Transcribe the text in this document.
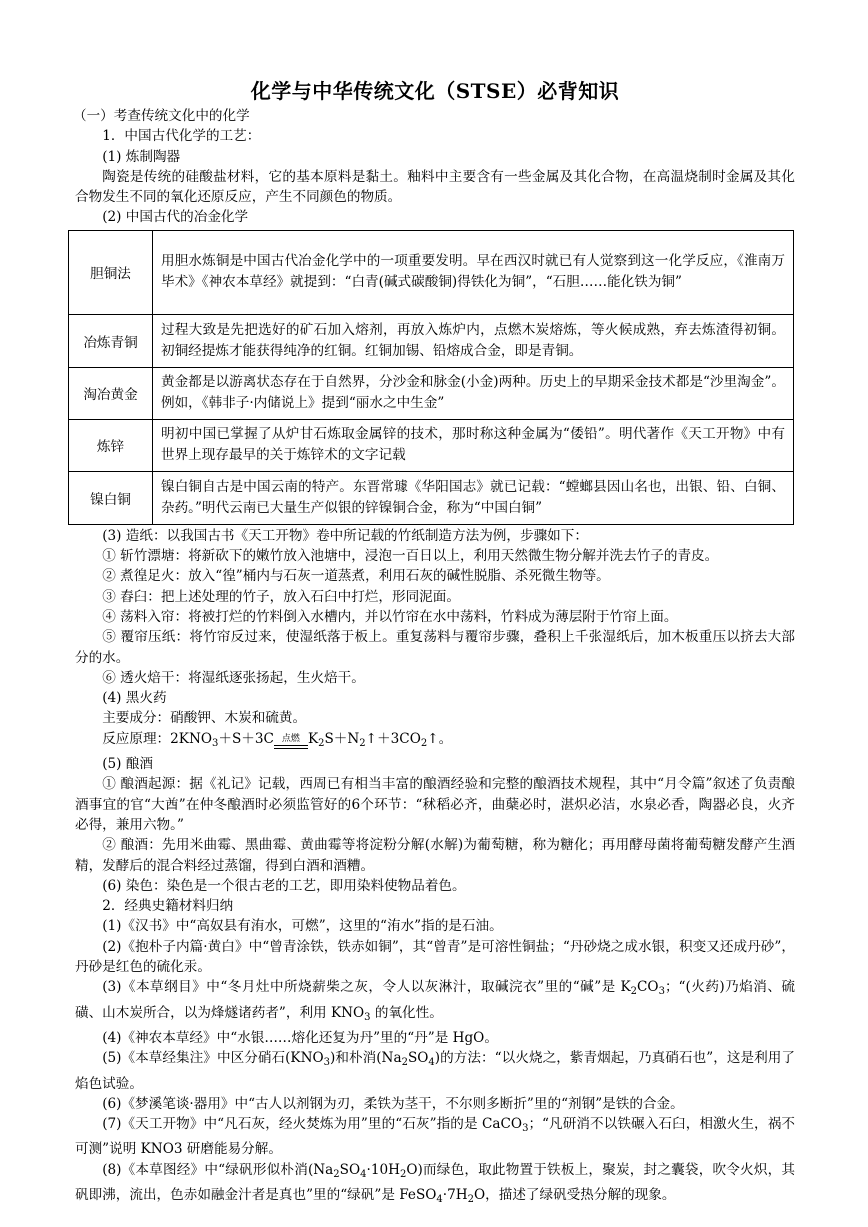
化学与中华传统文化（STSE）必背知识
（一）考查传统文化中的化学
1．中国古代化学的工艺：
(1) 炼制陶器
陶瓷是传统的硅酸盐材料，它的基本原料是黏土。釉料中主要含有一些金属及其化合物，在高温烧制时金属及其化合物发生不同的氧化还原反应，产生不同颜色的物质。
(2) 中国古代的冶金化学
胆铜法	用胆水炼铜是中国古代冶金化学中的一项重要发明。早在西汉时就已有人觉察到这一化学反应，《淮南万毕术》《神农本草经》就提到：“白青(碱式碳酸铜)得铁化为铜”，“石胆……能化铁为铜”
冶炼青铜	过程大致是先把选好的矿石加入熔剂，再放入炼炉内，点燃木炭熔炼，等火候成熟，弃去炼渣得初铜。初铜经提炼才能获得纯净的红铜。红铜加锡、铅熔成合金，即是青铜。
淘冶黄金	黄金都是以游离状态存在于自然界，分沙金和脉金(小金)两种。历史上的早期采金技术都是“沙里淘金”。例如，《韩非子·内储说上》提到“丽水之中生金”
炼锌	明初中国已掌握了从炉甘石炼取金属锌的技术，那时称这种金属为“倭铅”。明代著作《天工开物》中有世界上现存最早的关于炼锌术的文字记载
镍白铜	镍白铜自古是中国云南的特产。东晋常璩《华阳国志》就已记载：“螳螂县因山名也，出银、铅、白铜、杂药。”明代云南已大量生产似银的锌镍铜合金，称为“中国白铜”
(3) 造纸：以我国古书《天工开物》卷中所记载的竹纸制造方法为例，步骤如下：
① 斩竹漂塘：将新砍下的嫩竹放入池塘中，浸泡一百日以上，利用天然微生物分解并洗去竹子的青皮。
② 煮徨足火：放入“徨”桶内与石灰一道蒸煮，利用石灰的碱性脱脂、杀死微生物等。
③ 舂臼：把上述处理的竹子，放入石臼中打烂，形同泥面。
④ 荡料入帘：将被打烂的竹料倒入水槽内，并以竹帘在水中荡料，竹料成为薄层附于竹帘上面。
⑤ 覆帘压纸：将竹帘反过来，使湿纸落于板上。重复荡料与覆帘步骤，叠积上千张湿纸后，加木板重压以挤去大部分的水。
⑥ 透火焙干：将湿纸逐张扬起，生火焙干。
(4) 黑火药
主要成分：硝酸钾、木炭和硫黄。
反应原理：$2KNO_3+S+3C$ 点燃 $K_2S+N_2↑+3CO_2↑$。
(5) 酿酒
① 酿酒起源：据《礼记》记载，西周已有相当丰富的酿酒经验和完整的酿酒技术规程，其中“月令篇”叙述了负责酿酒事宜的官“大酋”在仲冬酿酒时必须监管好的6个环节：“秫稻必齐，曲蘖必时，湛炽必洁，水泉必香，陶器必良，火齐必得，兼用六物。”
② 酿酒：先用米曲霉、黑曲霉、黄曲霉等将淀粉分解(水解)为葡萄糖，称为糖化；再用酵母菌将葡萄糖发酵产生酒精，发酵后的混合料经过蒸馏，得到白酒和酒糟。
(6) 染色：染色是一个很古老的工艺，即用染料使物品着色。
2．经典史籍材料归纳
(1)《汉书》中“高奴县有洧水，可燃”，这里的“洧水”指的是石油。
(2)《抱朴子内篇·黄白》中“曾青涂铁，铁赤如铜”，其“曾青”是可溶性铜盐；“丹砂烧之成水银，积变又还成丹砂”，丹砂是红色的硫化汞。
(3)《本草纲目》中“冬月灶中所烧薪柴之灰，令人以灰淋汁，取碱浣衣”里的“碱”是 $K_2CO_3$；“(火药)乃焰消、硫磺、山木炭所合，以为烽燧诸药者”，利用 $KNO_3$ 的氧化性。
(4)《神农本草经》中“水银……熔化还复为丹”里的“丹”是 HgO。
(5)《本草经集注》中区分硝石$(KNO_3)$和朴消$(Na_2SO_4)$的方法：“以火烧之，紫青烟起，乃真硝石也”，这是利用了焰色试验。
(6)《梦溪笔谈·器用》中“古人以剂钢为刃，柔铁为茎干，不尔则多断折”里的“剂钢”是铁的合金。
(7)《天工开物》中“凡石灰，经火焚炼为用”里的“石灰”指的是 CaCO$_3$；“凡研消不以铁碾入石臼，相激火生，祸不可测”说明 KNO3 研磨能易分解。
(8)《本草图经》中“绿矾形似朴消$(Na_2SO_4\cdot 10H_2O)$而绿色，取此物置于铁板上，聚炭，封之囊袋，吹令火炽，其矾即沸，流出，色赤如融金汁者是真也”里的“绿矾”是 $FeSO_4\cdot 7H_2O$，描述了绿矾受热分解的现象。
